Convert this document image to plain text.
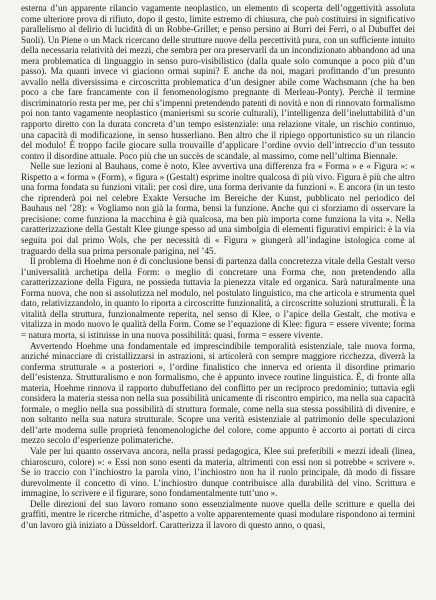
esterna d’un apparente rilancio vagamente neoplastico, un elemento di scoperta dell’oggettività assoluta come ulteriore prova di rifiuto, dopo il gesto, limite estremo di chiusura, che può costituirsi in significativo parallelismo al delirio di lucidità di un Robbe-Grillet; e penso persino ai Burri dei Ferri, o al Dubuffet dei Suoli). Un Piene o un Mack ricercano delle strutture nuove della percettività pura, con un sufficiente intuito della necessaria relatività dei mezzi, che sembra per ora preservarli da un incondizionato abbandono ad una mera problematica di linguaggio in senso puro-visibilistico (dalla quale solo comunque a poco più d’un passo). Ma quanti invece vi giaciono ormai supini? E anche da noi, magari profittando d’un presunto avvallo nella diversissima e circoscritta problematica d’un designer abile come Wachsmann (che ha ben poco a che fare francamente con il fenomenologismo pregnante di Merleau-Ponty). Perchè il termine discriminatorio resta per me, per chi s’impenni pretendendo patenti di novità e non di rinnovato formalismo poi non tanto vagamente neoplastico (manierismi su scorie culturali), l’intelligenza dell’ineluttabilità d’un rapporto diretto con la durata concreta d’un tempo esistenziale: una relazione vitale, un rischio continuo, una capacità di modificazione, in senso husserliano. Ben altro che il ripiego opportunistico su un rilancio del modulo! È troppo facile giocare sulla trouvaille d’applicare l’ordine ovvio dell’intreccio d’un tessuto contro il disordine attuale. Poco più che un succès de scandale, al massimo, come nell’ultima Biennale.

Nelle sue lezioni al Bauhaus, come è noto, Klee avvertiva una differenza fra « Forma » e « Figura »: « Rispetto a « forma » (Form), « figura » (Gestalt) esprime inoltre qualcosa di più vivo. Figura è più che altro una forma fondata su funzioni vitali: per così dire, una forma derivante da funzioni ». E ancora (in un testo che riprenderà poi nel celebre Exakte Versuche im Bereiche der Kunst, pubblicato nel periodico del Bauhaus nel ’28): « Vogliamo non già la forma, bensì la funzione. Anche qui ci sforziamo di osservare la precisione: come funziona la macchina è già qualcosa, ma ben più importa come funziona la vita ». Nella caratterizzazione della Gestalt Klee giunge spesso ad una simbolgia di elementi figurativi empirici: è la via seguita poi dal primo Wols, che per necessità di « Figura » giungerà all’indagine istologica come al traguardo della sua prima personale parigina, nel ’45.

Il problema di Hoehme non è di conclusione bensì di partenza dalla concretezza vitale della Gestalt verso l’universalità archetipa della Form: o meglio di concretare una Forma che, non pretendendo alla caratterizzazione della Figura, ne possieda tuttavia la pienezza vitale ed organica. Sarà naturalmente una Forma nuova, che non si assolutizza nel modulo, nel postulato linguistico, ma che articola e strumenta quel dato, relativizzandolo, in quanto lo riporta a circoscritte funzionalità, a circoscritte soluzioni strutturali. È la vitalità della struttura, funzionalmente reperita, nel senso di Klee, o l’apice della Gestalt, che motiva e vitalizza in modo nuovo le qualità della Form. Come se l’equazione di Klee: figura = essere vivente; forma = natura morta, si istituisse in una nuova possibilità: quasi, forma = essere vivente.

Avvertendo Hoehme una fondamentale ed imprescindibile temporalità esistenziale, tale nuova forma, anziché minacciare di cristallizzarsi in astrazioni, si articolerà con sempre maggiore ricchezza, diverrà la conferma strutturale « a posteriori », l’ordine finalistico che innerva ed orienta il disordine primario dell’esistenza. Strutturalismo e non formalismo, che è appunto invece routine linguistica. È, di fronte alla materia, Hoehme rinnova il rapporto dubuffetiano del conflitto per un reciproco predominio; tuttavia egli considera la materia stessa non nella sua possibilità unicamente di riscontro empirico, ma nella sua capacità formale, o meglio nella sua possibilità di struttura formale, come nella sua stessa possibilità di divenire, e non soltanto nella sua natura strutturale. Scopre una verità esistenziale al patrimonio delle speculazioni dell’arte moderna sulle proprietà fenomenologiche del colore, come appunto è accorto ai portati di circa mezzo secolo d’esperienze polimateriche.

Vale per lui quanto osservava ancora, nella prassi pedagogica, Klee sui preferibili « mezzi ideali (linea, chiaroscuro, colore) »: « Essi non sono esenti da materia, altrimenti con essi non si potrebbe « scrivere ». Se io traccio con l’inchiostro la parola vino, l’inchiostro non ha il ruolo principale, dà modo di fissare durevolmente il concetto di vino. L’inchiostro dunque contribuisce alla durabilità del vino. Scrittura e immagine, lo scrivere e il figurare, sono fondamentalmente tutt’uno ».

Delle direzioni del suo lavoro romano sono essenzialmente nuove quella delle scritture e quella dei graffiti, mentre le ricerche ritmiche, d’aspetto a volte apparentemente quasi modulare rispondono ai termini d’un lavoro già iniziato a Düsseldorf. Caratterizza il lavoro di questo anno, o quasi,
